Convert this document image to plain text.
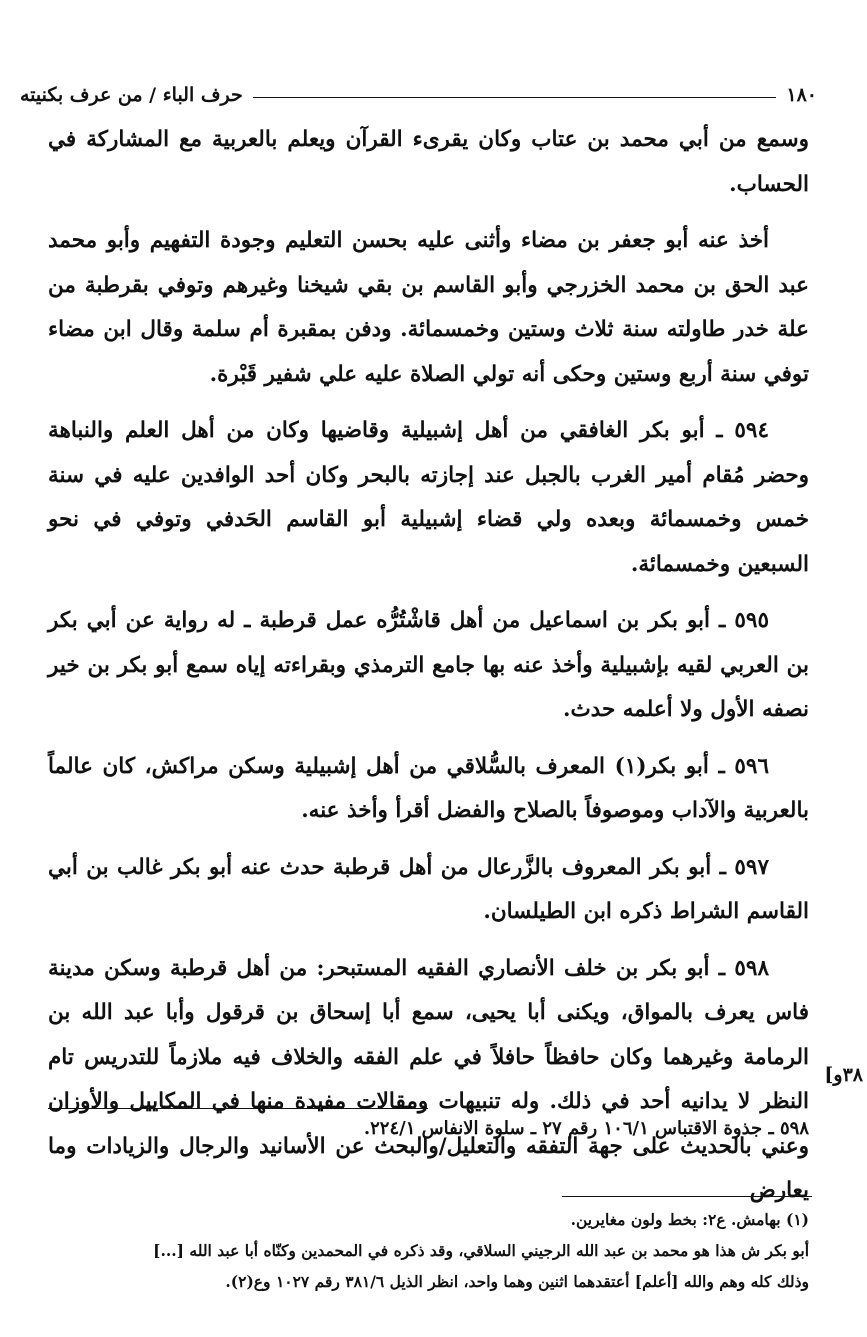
١٨٠
حرف الباء / من عرف بكنيته

وسمع من أبي محمد بن عتاب وكان يقرىء القرآن ويعلم بالعربية مع المشاركة في الحساب.

أخذ عنه أبو جعفر بن مضاء وأثنى عليه بحسن التعليم وجودة التفهيم وأبو محمد عبد الحق بن محمد الخزرجي وأبو القاسم بن بقي شيخنا وغيرهم وتوفي بقرطبة من علة خدر طاولته سنة ثلاث وستين وخمسمائة. ودفن بمقبرة أم سلمة وقال ابن مضاء توفي سنة أربع وستين وحكى أنه تولي الصلاة عليه علي شفير قَبْرة.

٥٩٤ ـ أبو بكر الغافقي من أهل إشبيلية وقاضيها وكان من أهل العلم والنباهة وحضر مُقام أمير الغرب بالجبل عند إجازته بالبحر وكان أحد الوافدين عليه في سنة خمس وخمسمائة وبعده ولي قضاء إشبيلية أبو القاسم الحَدفي وتوفي في نحو السبعين وخمسمائة.

٥٩٥ ـ أبو بكر بن اسماعيل من أهل قاشْتُرُّه عمل قرطبة ـ له رواية عن أبي بكر بن العربي لقيه بإشبيلية وأخذ عنه بها جامع الترمذي وبقراءته إياه سمع أبو بكر بن خير نصفه الأول ولا أعلمه حدث.

٥٩٦ ـ أبو بكر(١) المعرف بالسُّلاقي من أهل إشبيلية وسكن مراكش، كان عالماً بالعربية والآداب وموصوفاً بالصلاح والفضل أقرأ وأخذ عنه.

٥٩٧ ـ أبو بكر المعروف بالزَّرعال من أهل قرطبة حدث عنه أبو بكر غالب بن أبي القاسم الشراط ذكره ابن الطيلسان.

٥٩٨ ـ أبو بكر بن خلف الأنصاري الفقيه المستبحر: من أهل قرطبة وسكن مدينة فاس يعرف بالمواق، ويكنى أبا يحيى، سمع أبا إسحاق بن قرقول وأبا عبد الله بن الرمامة وغيرهما وكان حافظاً حافلاً في علم الفقه والخلاف فيه ملازماً للتدريس تام النظر لا يدانيه أحد في ذلك. وله تنبيهات ومقالات مفيدة منها في المكاييل والأوزان وعني بالحديث على جهة التفقه والتعليل/والبحث عن الأسانيد والرجال والزيادات وما يعارض

٣٨و]
٥٩٨ ـ جذوة الاقتباس ١٠٦/١ رقم ٢٧ ـ سلوة الانفاس ٢٢٤/١.
(١) بهامش. ع٢: بخط ولون مغايرين.
أبو بكر ش هذا هو محمد بن عبد الله الرجيني السلاقي، وقد ذكره في المحمدين وكنّاه أبا عبد الله [...]
وذلك كله وهم والله [أعلم] أعتقدهما اثنين وهما واحد، انظر الذيل ٣٨١/٦ رقم ١٠٢٧ وع(٢).
